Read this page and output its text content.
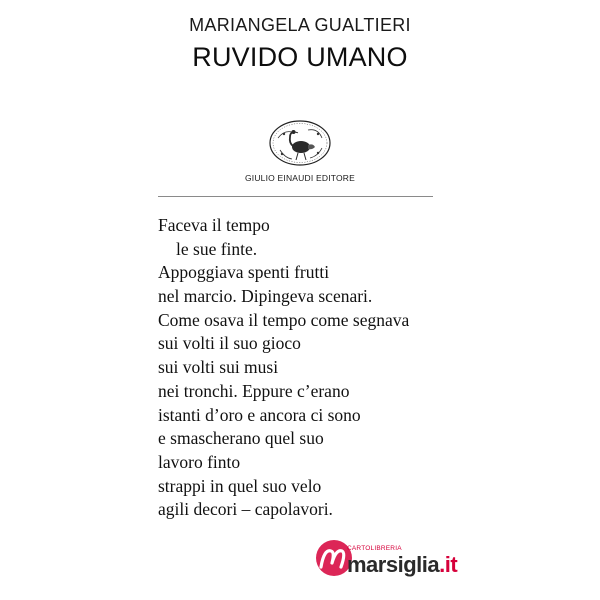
MARIANGELA GUALTIERI
RUVIDO UMANO
GIULIO EINAUDI EDITORE
Faceva il tempo
le sue finte.
Appoggiava spenti frutti
nel marcio. Dipingeva scenari.
Come osava il tempo come segnava
sui volti il suo gioco
sui volti sui musi
nei tronchi. Eppure c’erano
istanti d’oro e ancora ci sono
e smascherano quel suo
lavoro finto
strappi in quel suo velo
agili decori – capolavori.
CARTOLIBRERIA
marsiglia.it
